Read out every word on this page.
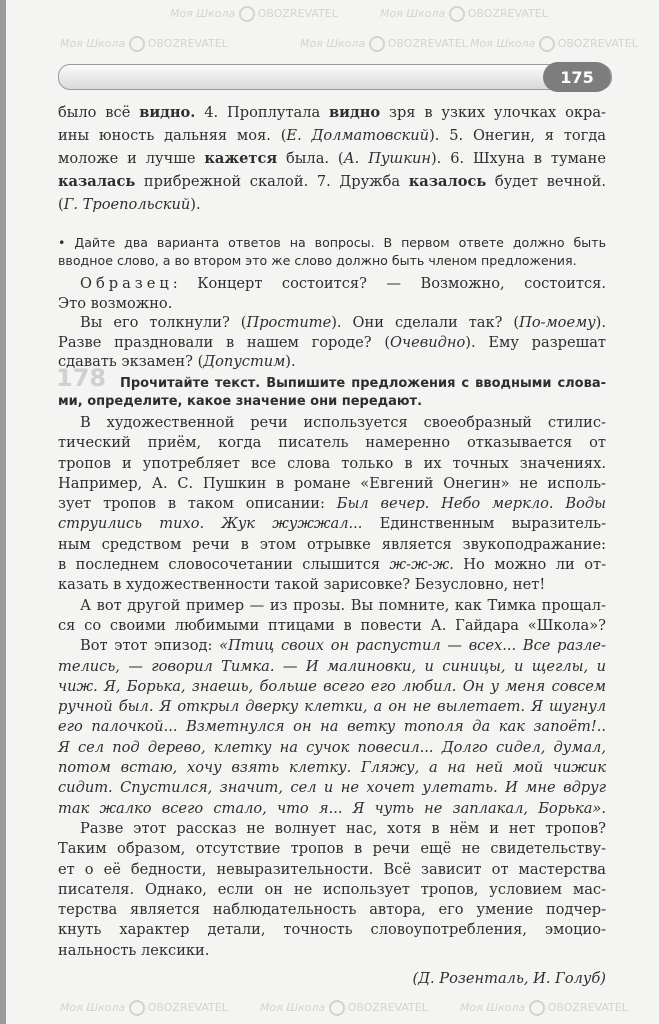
175
было всё видно. 4. Проплутала видно зря в узких улочках окра-
ины юность дальняя моя. (Е. Долматовский). 5. Онегин, я тогда
моложе и лучше кажется была. (А. Пушкин). 6. Шхуна в тумане
казалась прибрежной скалой. 7. Дружба казалось будет вечной.
(Г. Троепольский).
• Дайте два варианта ответов на вопросы. В первом ответе должно быть
вводное слово, а во втором это же слово должно быть членом предложения.
Образец: Концерт состоится? — Возможно, состоится.
Это возможно.
Вы его толкнули? (Простите). Они сделали так? (По-моему).
Разве праздновали в нашем городе? (Очевидно). Ему разрешат
сдавать экзамен? (Допустим).
178	Прочитайте текст. Выпишите предложения с вводными слова-
ми, определите, какое значение они передают.
В художественной речи используется своеобразный стилис-
тический приём, когда писатель намеренно отказывается от
тропов и употребляет все слова только в их точных значениях.
Например, А. С. Пушкин в романе «Евгений Онегин» не исполь-
зует тропов в таком описании: Был вечер. Небо меркло. Воды
струились тихо. Жук жужжал... Единственным выразитель-
ным средством речи в этом отрывке является звукоподражание:
в последнем словосочетании слышится ж-ж-ж. Но можно ли от-
казать в художественности такой зарисовке? Безусловно, нет!
А вот другой пример — из прозы. Вы помните, как Тимка прощал-
ся со своими любимыми птицами в повести А. Гайдара «Школа»?
Вот этот эпизод: «Птиц своих он распустил — всех... Все разле-
телись, — говорил Тимка. — И малиновки, и синицы, и щеглы, и
чиж. Я, Борька, знаешь, больше всего его любил. Он у меня совсем
ручной был. Я открыл дверку клетки, а он не вылетает. Я шугнул
его палочкой... Взметнулся он на ветку тополя да как запоёт!..
Я сел под дерево, клетку на сучок повесил... Долго сидел, думал,
потом встаю, хочу взять клетку. Гляжу, а на ней мой чижик
сидит. Спустился, значит, сел и не хочет улетать. И мне вдруг
так жалко всего стало, что я... Я чуть не заплакал, Борька».
Разве этот рассказ не волнует нас, хотя в нём и нет тропов?
Таким образом, отсутствие тропов в речи ещё не свидетельству-
ет о её бедности, невыразительности. Всё зависит от мастерства
писателя. Однако, если он не использует тропов, условием мас-
терства является наблюдательность автора, его умение подчер-
кнуть характер детали, точность словоупотребления, эмоцио-
нальность лексики.
(Д. Розенталь, И. Голуб)
Моя Школа OBOZREVATEL	Моя Школа OBOZREVATEL
Моя Школа OBOZREVATEL	Моя Школа OBOZREVATEL Моя Школа OBOZREVATEL
Моя Школа OBOZREVATEL	Моя Школа OBOZREVATEL	Моя Школа OBOZREVATEL
